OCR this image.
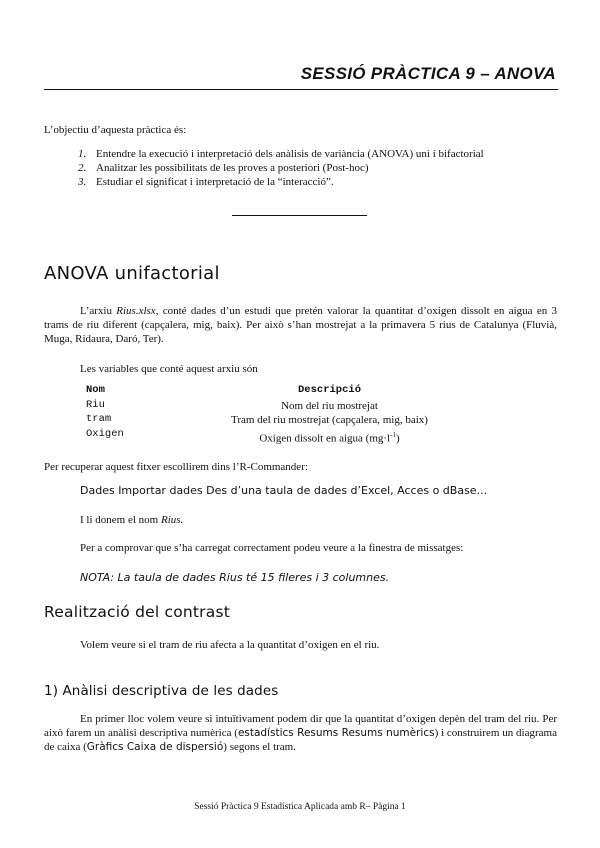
SESSIÓ PRÀCTICA 9 – ANOVA
L’objectiu d’aquesta pràctica és:
1. Entendre la execució i interpretació dels anàlisis de variància (ANOVA) uni i bifactorial
2. Analitzar les possibilitats de les proves a posteriori (Post-hoc)
3. Estudiar el significat i interpretació de la “interacció”.
ANOVA unifactorial
L’arxiu Rius.xlsx, conté dades d’un estudi que pretén valorar la quantitat d’oxigen dissolt en aigua en 3 trams de riu diferent (capçalera, mig, baix). Per això s’han mostrejat a la primavera 5 rius de Catalunya (Fluvià, Muga, Ridaura, Daró, Ter).
Les variables que conté aquest arxiu són
Nom	Descripció
Riu	Nom del riu mostrejat
tram	Tram del riu mostrejat (capçalera, mig, baix)
Oxigen	Oxigen dissolt en aigua $(mg\cdot l^{-1})$
Per recuperar aquest fitxer escollirem dins l’R-Commander:
Dades Importar dades Des d’una taula de dades d’Excel, Acces o dBase...
I li donem el nom Rius.
Per a comprovar que s’ha carregat correctament podeu veure a la finestra de missatges:
NOTA: La taula de dades Rius té 15 fileres i 3 columnes.
Realització del contrast
Volem veure si el tram de riu afecta a la quantitat d’oxigen en el riu.
1) Anàlisi descriptiva de les dades
En primer lloc volem veure si intuïtivament podem dir que la quantitat d’oxigen depèn del tram del riu. Per això farem un anàlisi descriptiva numèrica (estadístics Resums Resums numèrics) i construirem un diagrama de caixa (Gràfics Caixa de dispersió) segons el tram.
Sessió Pràctica 9 Estadística Aplicada amb R– Pàgina 1
